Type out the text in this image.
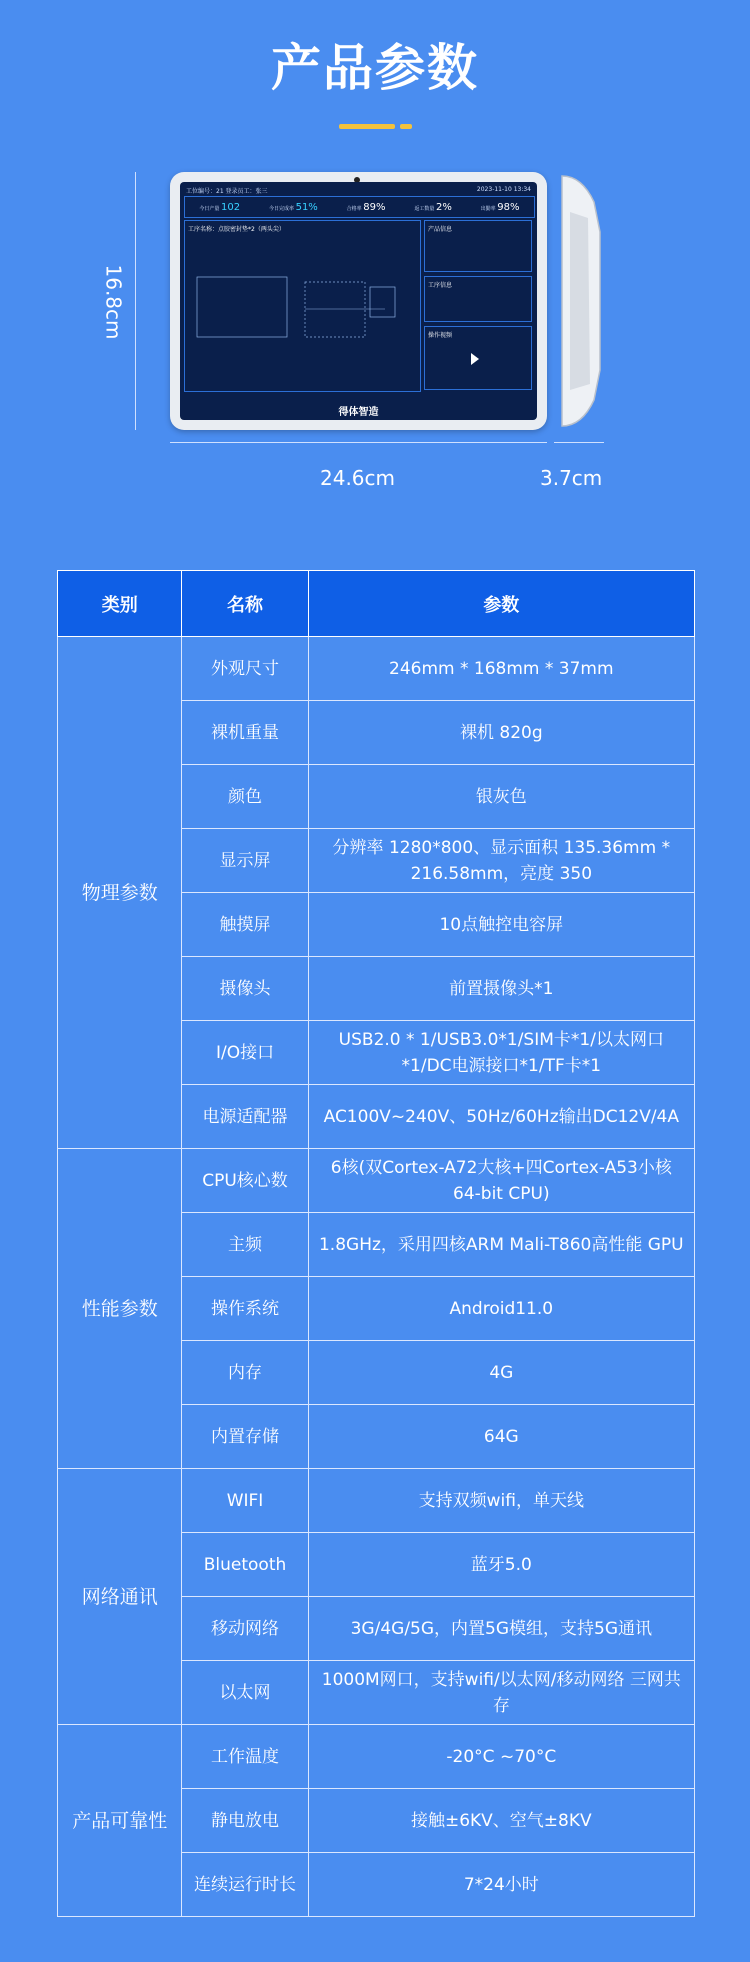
产品参数
16.8cm
24.6cm	3.7cm
工位编号：21 登录员工：张三	2023-11-10 13:34
今日产量 102	今日完成率 51%	合格率 89%	返工数量 2%	出勤率 98%
工序名称：点胶密封垫*2（两头尖）	产品信息
工序信息
操作视频
得体智造
类别	名称	参数
物理参数	外观尺寸	246mm * 168mm * 37mm
	裸机重量	裸机 820g
	颜色	银灰色
	显示屏	分辨率 1280*800、显示面积 135.36mm * 216.58mm，亮度 350
	触摸屏	10点触控电容屏
	摄像头	前置摄像头*1
	I/O接口	USB2.0 * 1/USB3.0*1/SIM卡*1/以太网口*1/DC电源接口*1/TF卡*1
	电源适配器	AC100V~240V、50Hz/60Hz输出DC12V/4A
性能参数	CPU核心数	6核(双Cortex-A72大核+四Cortex-A53小核 64-bit CPU)
	主频	1.8GHz，采用四核ARM Mali-T860高性能 GPU
	操作系统	Android11.0
	内存	4G
	内置存储	64G
网络通讯	WIFI	支持双频wifi，单天线
	Bluetooth	蓝牙5.0
	移动网络	3G/4G/5G，内置5G模组，支持5G通讯
	以太网	1000M网口，支持wifi/以太网/移动网络 三网共存
产品可靠性	工作温度	-20°C ~70°C
	静电放电	接触±6KV、空气±8KV
	连续运行时长	7*24小时
